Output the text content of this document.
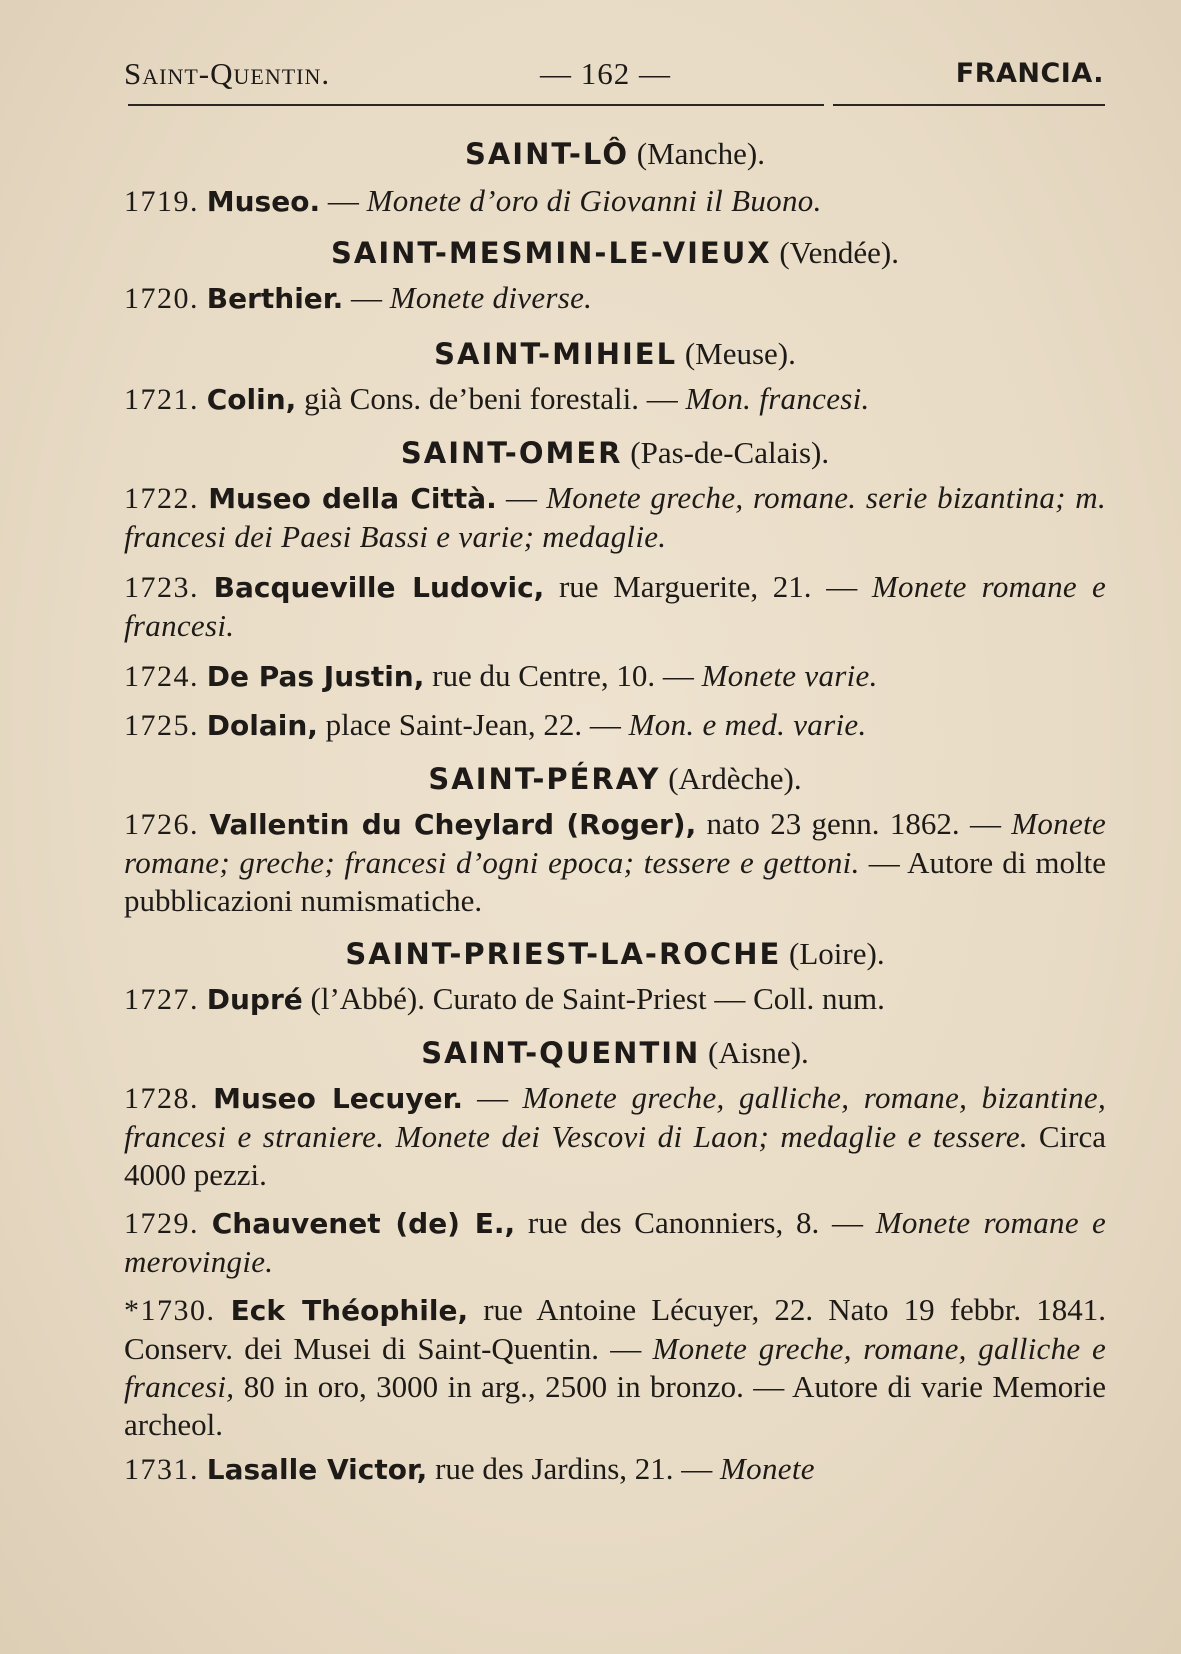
Saint-Quentin.	— 162 —	FRANCIA.

SAINT-LÔ (Manche).

1719. Museo. — Monete d’oro di Giovanni il Buono.

SAINT-MESMIN-LE-VIEUX (Vendée).

1720. Berthier. — Monete diverse.

SAINT-MIHIEL (Meuse).

1721. Colin, già Cons. de’beni forestali. — Mon. francesi.

SAINT-OMER (Pas-de-Calais).

1722. Museo della Città. — Monete greche, romane. serie bizantina; m. francesi dei Paesi Bassi e varie; medaglie.

1723. Bacqueville Ludovic, rue Marguerite, 21. — Monete romane e francesi.

1724. De Pas Justin, rue du Centre, 10. — Monete varie.

1725. Dolain, place Saint-Jean, 22. — Mon. e med. varie.

SAINT-PÉRAY (Ardèche).

1726. Vallentin du Cheylard (Roger), nato 23 genn. 1862. — Monete romane; greche; francesi d’ogni epoca; tessere e gettoni. — Autore di molte pubblicazioni numismatiche.

SAINT-PRIEST-LA-ROCHE (Loire).

1727. Dupré (l’Abbé). Curato de Saint-Priest — Coll. num.

SAINT-QUENTIN (Aisne).

1728. Museo Lecuyer. — Monete greche, galliche, romane, bizantine, francesi e straniere. Monete dei Vescovi di Laon; medaglie e tessere. Circa 4000 pezzi.

1729. Chauvenet (de) E., rue des Canonniers, 8. — Monete romane e merovingie.

*1730. Eck Théophile, rue Antoine Lécuyer, 22. Nato 19 febbr. 1841. Conserv. dei Musei di Saint-Quentin. — Monete greche, romane, galliche e francesi, 80 in oro, 3000 in arg., 2500 in bronzo. — Autore di varie Memorie archeol.

1731. Lasalle Victor, rue des Jardins, 21. — Monete
